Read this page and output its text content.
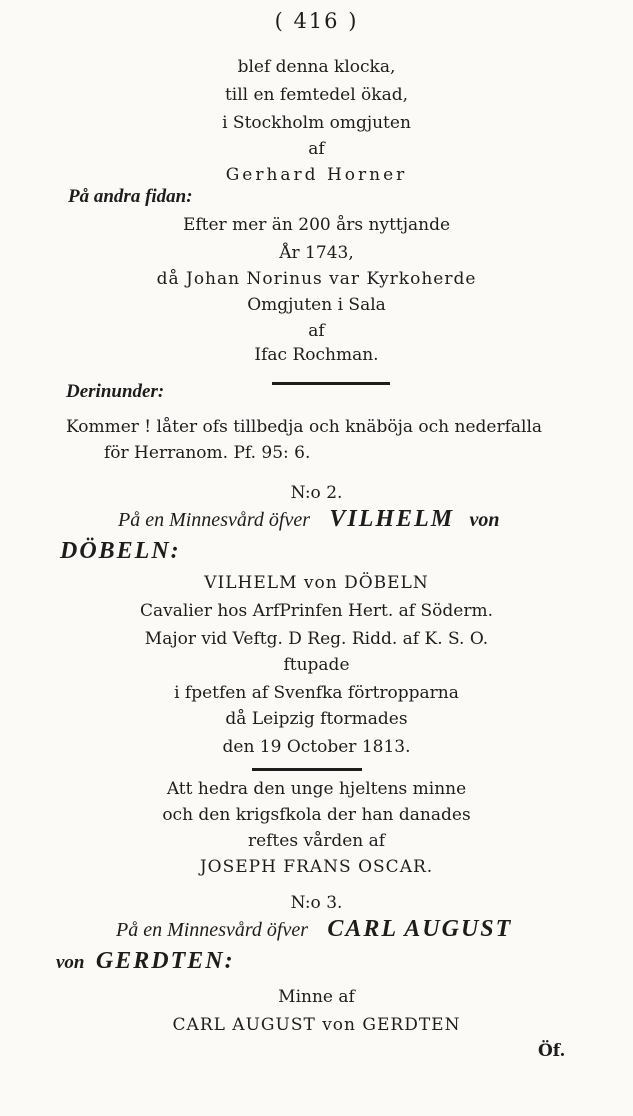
( 416 )
blef denna klocka,
till en femtedel ökad,
i Stockholm omgjuten
af
Gerhard Horner
På andra fidan:
Efter mer än 200 års nyttjande
År 1743,
då Johan Norinus var Kyrkoherde
Omgjuten i Sala
af
Ifac Rochman.
Derinunder:
Kommer ! låter ofs tillbedja och knäböja och nederfalla
för Herranom. Pf. 95: 6.
N:o 2.
På en Minnesvård öfver VILHELM von
DÖBELN:
VILHELM von DÖBELN
Cavalier hos ArfPrinfen Hert. af Söderm.
Major vid Veftg. D Reg. Ridd. af K. S. O.
ftupade
i fpetfen af Svenfka förtropparna
då Leipzig ftormades
den 19 October 1813.
Att hedra den unge hjeltens minne
och den krigsfkola der han danades
reftes vården af
JOSEPH FRANS OSCAR.
N:o 3.
På en Minnesvård öfver CARL AUGUST
von GERDTEN:
Minne af
CARL AUGUST von GERDTEN
Öf.
